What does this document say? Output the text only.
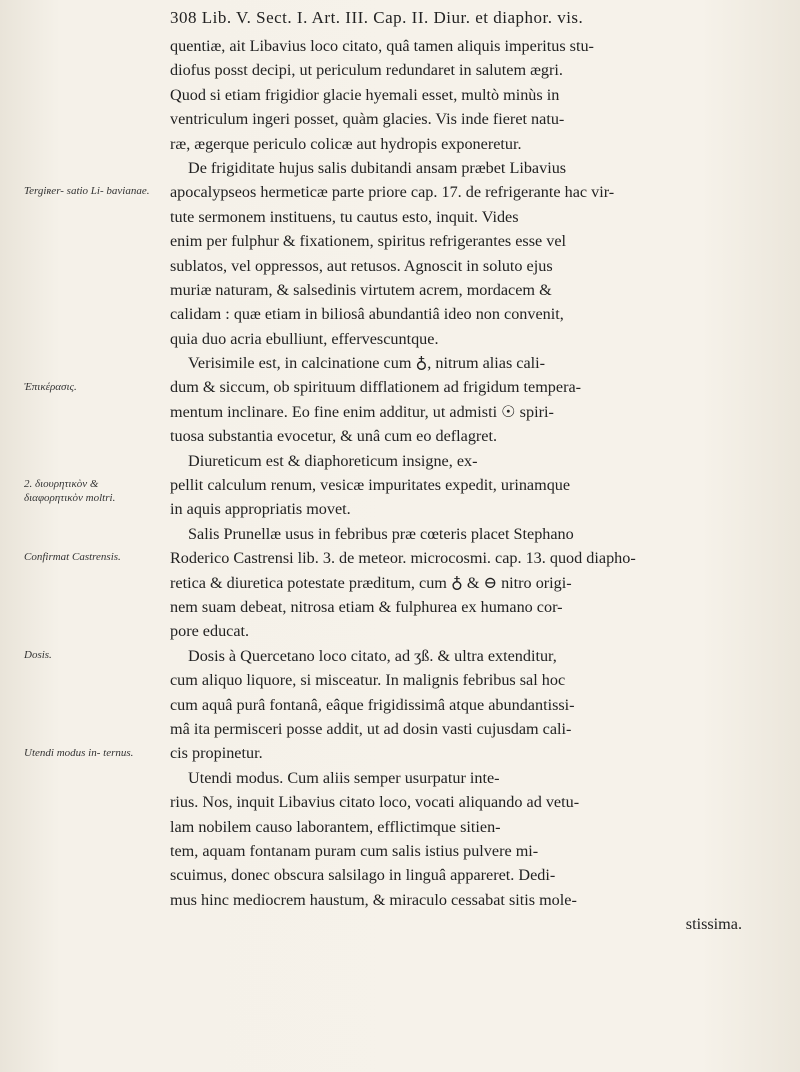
308 Lib. V. Sect. I. Art. III. Cap. II. Diur. et diaphor. vis.
quentiæ, ait Libavius loco citato, quâ tamen aliquis imperitus stu-
diofus posst decipi, ut periculum redundaret in salutem ægri.
Quod si etiam frigidior glacie hyemali esset, multò minùs in
ventriculum ingeri posset, quàm glacies. Vis inde fieret natu-
ræ, ægerque periculo colicæ aut hydropis exponeretur.
De frigiditate hujus salis dubitandi ansam præbet Libavius
apocalypseos hermeticæ parte priore cap. 17. de refrigerante hac vir-
tute sermonem instituens, tu cautus esto, inquit. Vides
enim per fulphur & fixationem, spiritus refrigerantes esse vel
sublatos, vel oppressos, aut retusos. Agnoscit in soluto ejus
muriæ naturam, & salsedinis virtutem acrem, mordacem &
calidam : quæ etiam in biliosâ abundantiâ ideo non convenit,
quia duo acria ebulliunt, effervescuntque.
Verisimile est, in calcinatione cum ♁, nitrum alias cali-
dum & siccum, ob spirituum difflationem ad frigidum tempera-
mentum inclinare. Eo fine enim additur, ut admisti ☉ spiri-
tuosa substantia evocetur, & unâ cum eo deflagret.
Diureticum est & diaphoreticum insigne, ex-
pellit calculum renum, vesicæ impuritates expedit, urinamque
in aquis appropriatis movet.
Salis Prunellæ usus in febribus præ cœteris placet Stephano
Roderico Castrensi lib. 3. de meteor. microcosmi. cap. 13. quod diapho-
retica & diuretica potestate præditum, cum ♁ & ⊖ nitro origi-
nem suam debeat, nitrosa etiam & fulphurea ex humano cor-
pore educat.
Dosis à Quercetano loco citato, ad ʒß. & ultra extenditur,
cum aliquo liquore, si misceatur. In malignis febribus sal hoc
cum aquâ purâ fontanâ, eâque frigidissimâ atque abundantissi-
mâ ita permisceri posse addit, ut ad dosin vasti cujusdam cali-
cis propinetur.
Utendi modus. Cum aliis semper usurpatur inte-
rius. Nos, inquit Libavius citato loco, vocati aliquando ad vetu-
lam nobilem causo laborantem, efflictimque sitien-
tem, aquam fontanam puram cum salis istius pulvere mi-
scuimus, donec obscura salsilago in linguâ appareret. Dedi-
mus hinc mediocrem haustum, & miraculo cessabat sitis mole-
stissima.
Tergiʀer- satio Li- bavianae.
Ἐπικέρασις.
2. διουρητικὸν & διαφορητικὸν moltri.
Confirmat Castrensis.
Dosis.
Utendi modus in- ternus.
